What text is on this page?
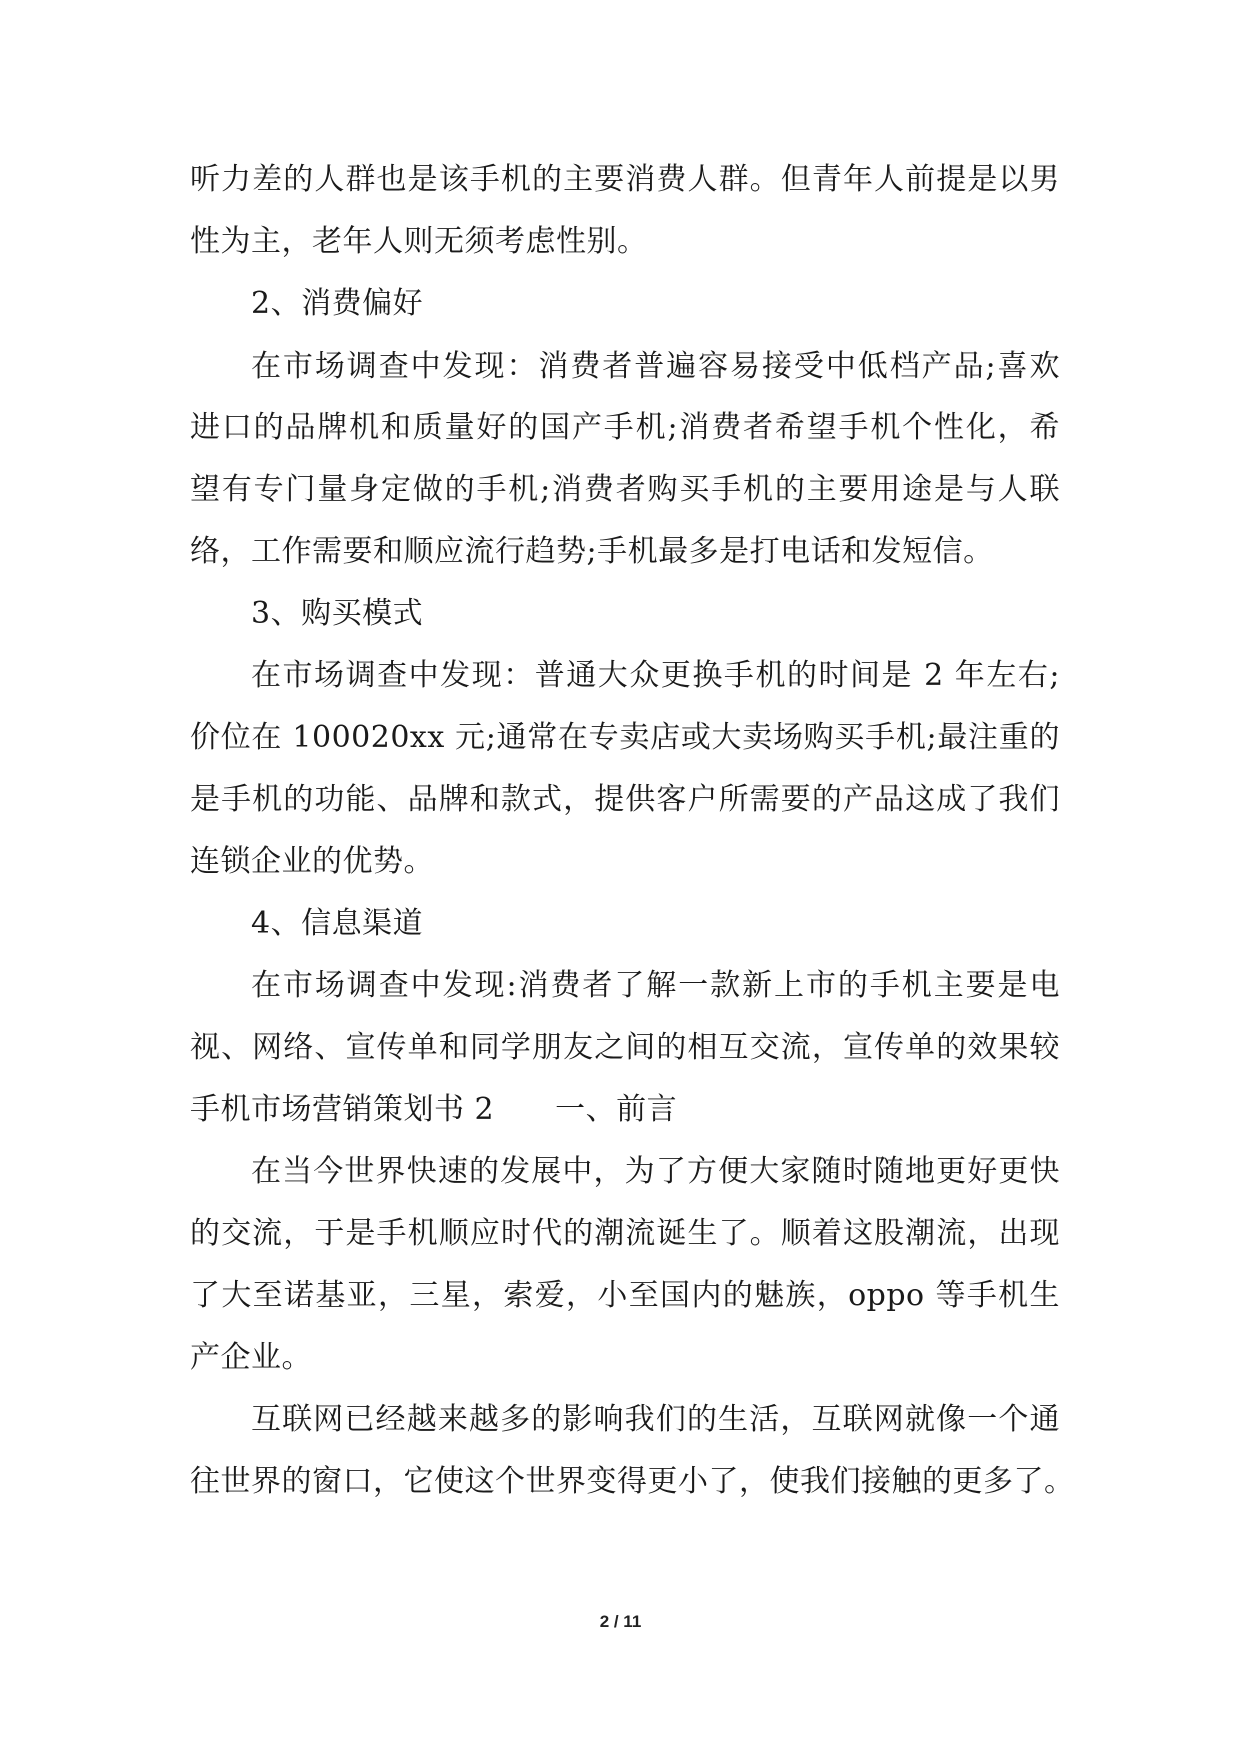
听力差的人群也是该手机的主要消费人群。但青年人前提是以男
性为主，老年人则无须考虑性别。
2、消费偏好
在市场调查中发现：消费者普遍容易接受中低档产品;喜欢
进口的品牌机和质量好的国产手机;消费者希望手机个性化，希
望有专门量身定做的手机;消费者购买手机的主要用途是与人联
络，工作需要和顺应流行趋势;手机最多是打电话和发短信。
3、购买模式
在市场调查中发现：普通大众更换手机的时间是 2 年左右;
价位在 100020xx 元;通常在专卖店或大卖场购买手机;最注重的
是手机的功能、品牌和款式，提供客户所需要的产品这成了我们
连锁企业的优势。
4、信息渠道
在市场调查中发现:消费者了解一款新上市的手机主要是电
视、网络、宣传单和同学朋友之间的相互交流，宣传单的效果较
手机市场营销策划书 2　　一、前言
在当今世界快速的发展中，为了方便大家随时随地更好更快
的交流，于是手机顺应时代的潮流诞生了。顺着这股潮流，出现
了大至诺基亚，三星，索爱，小至国内的魅族，oppo 等手机生
产企业。
互联网已经越来越多的影响我们的生活，互联网就像一个通
往世界的窗口，它使这个世界变得更小了，使我们接触的更多了。
2 / 11
